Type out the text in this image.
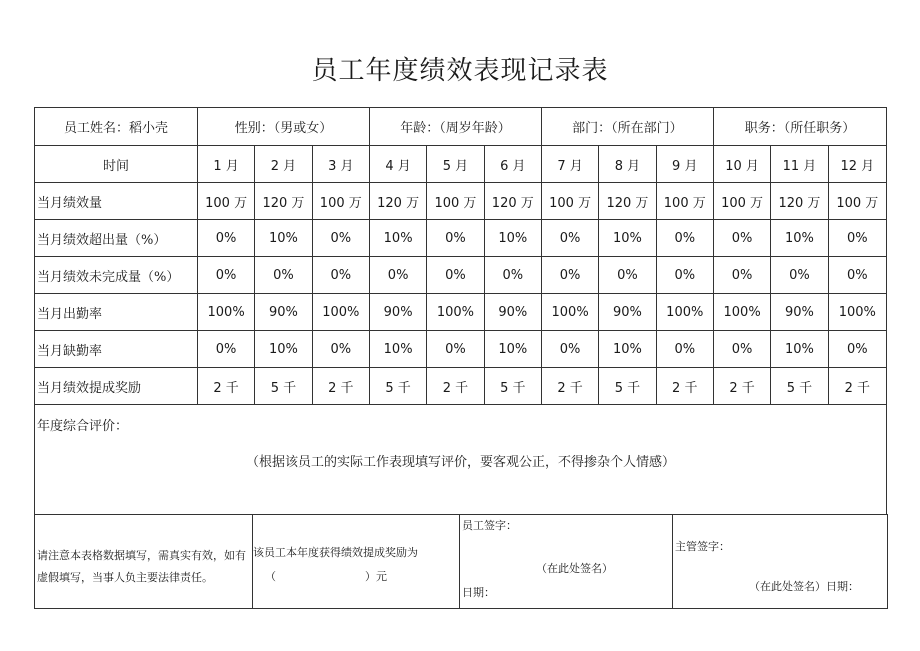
员工年度绩效表现记录表
员工姓名：稻小壳	性别：（男或女）			年龄：（周岁年龄）			部门：（所在部门）			职务：（所任职务）		
时间	1 月	2 月	3 月	4 月	5 月	6 月	7 月	8 月	9 月	10 月	11 月	12 月
当月绩效量	100 万	120 万	100 万	120 万	100 万	120 万	100 万	120 万	100 万	100 万	120 万	100 万
当月绩效超出量（%）	0%	10%	0%	10%	0%	10%	0%	10%	0%	0%	10%	0%
当月绩效未完成量（%）	0%	0%	0%	0%	0%	0%	0%	0%	0%	0%	0%	0%
当月出勤率	100%	90%	100%	90%	100%	90%	100%	90%	100%	100%	90%	100%
当月缺勤率	0%	10%	0%	10%	0%	10%	0%	10%	0%	0%	10%	0%
当月绩效提成奖励	2 千	5 千	2 千	5 千	2 千	5 千	2 千	5 千	2 千	2 千	5 千	2 千

年度综合评价：
（根据该员工的实际工作表现填写评价，要客观公正，不得掺杂个人情感）												
请注意本表格数据填写，需真实有效，如有
虚假填写，当事人负主要法律责任。

该员工本年度获得绩效提成奖励为
（	）元

员工签字：
（在此处签名）
日期：

主管签字：
（在此处签名）日期：
